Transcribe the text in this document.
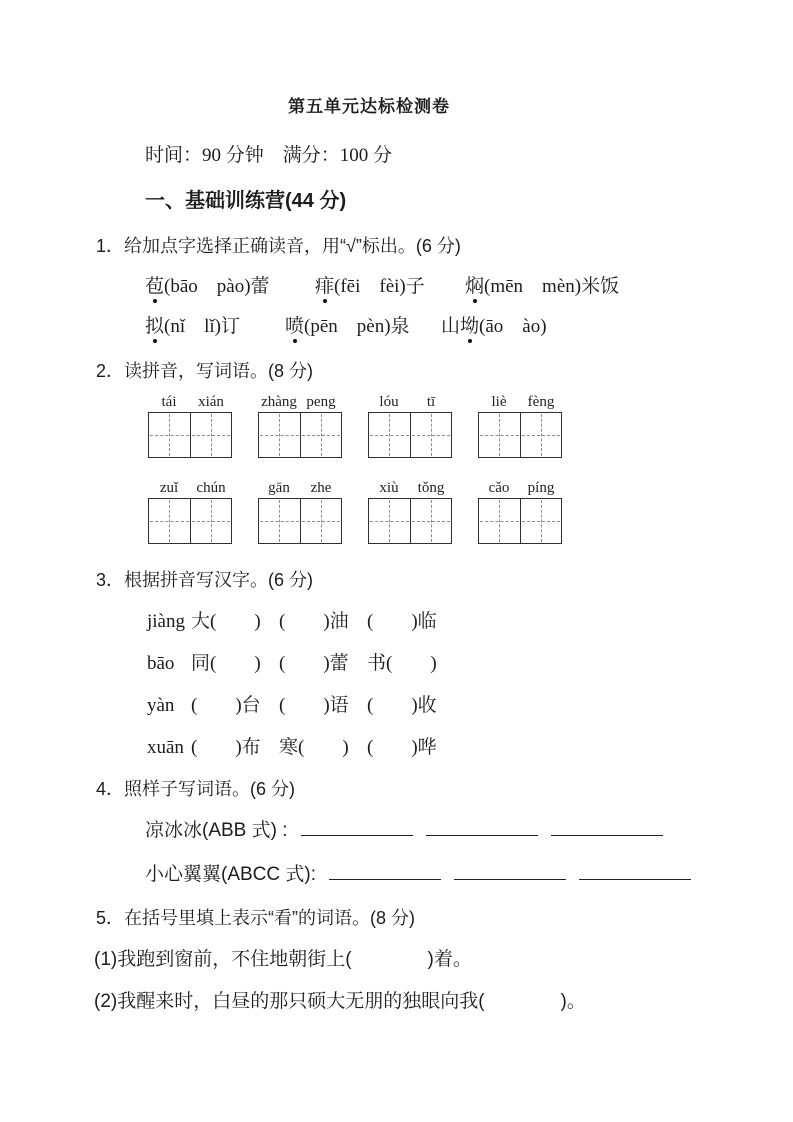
第五单元达标检测卷
时间：90 分钟　满分：100 分
一、基础训练营(44 分)
1．给加点字选择正确读音，用“√”标出。(6 分)
苞(bāo　pào)蕾 痱(fēi　fèi)子 焖(mēn　mèn)米饭
拟(nǐ　lǐ)订 喷(pēn　pèn)泉 山坳(āo　ào)
2．读拼音，写词语。(8 分)
tái	xián	zhàng peng	lóu	tī	liè	fèng
zuǐ	chún	gān	zhe	xiù	tǒng	cǎo	píng
3．根据拼音写汉字。(6 分)
jiàng 大(　　) (　　)油 (　　)临
bāo 同(　　) (　　)蕾 书(　　)
yàn (　　)台 (　　)语 (　　)收
xuān (　　)布 寒(　　) (　　)哗
4．照样子写词语。(6 分)
凉冰冰(ABB 式) :
小心翼翼(ABCC 式):
5．在括号里填上表示“看”的词语。(8 分)
(1)我跑到窗前，不住地朝街上(　　　　)着。
(2)我醒来时，白昼的那只硕大无朋的独眼向我(　　　　)。
